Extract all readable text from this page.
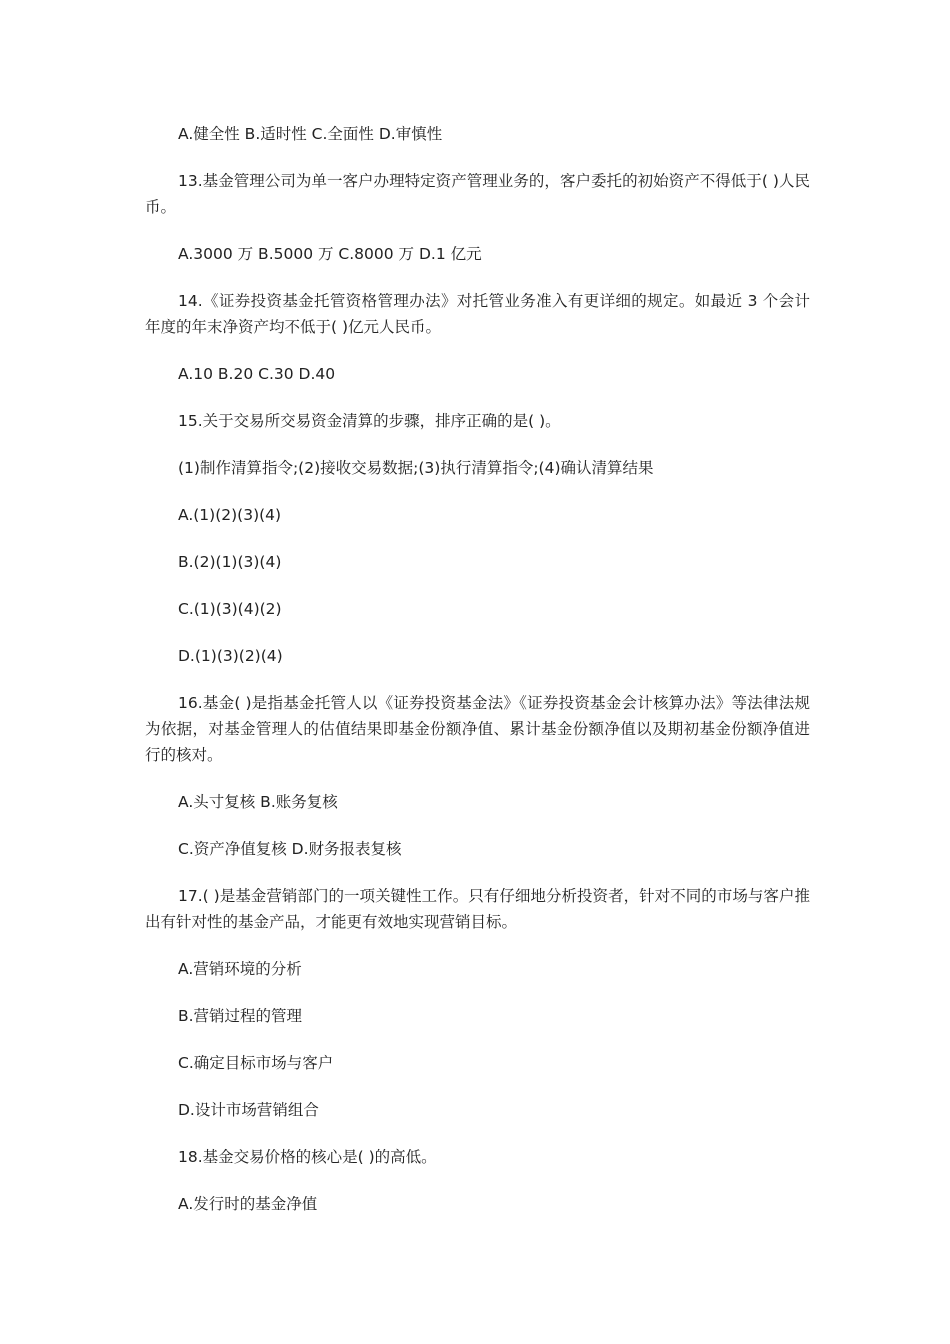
A.健全性 B.适时性 C.全面性 D.审慎性

13.基金管理公司为单一客户办理特定资产管理业务的，客户委托的初始资产不得低于( )人民币。

A.3000 万 B.5000 万 C.8000 万 D.1 亿元

14.《证券投资基金托管资格管理办法》对托管业务准入有更详细的规定。如最近 3 个会计年度的年末净资产均不低于( )亿元人民币。

A.10 B.20 C.30 D.40

15.关于交易所交易资金清算的步骤，排序正确的是( )。

(1)制作清算指令;(2)接收交易数据;(3)执行清算指令;(4)确认清算结果

A.(1)(2)(3)(4)

B.(2)(1)(3)(4)

C.(1)(3)(4)(2)

D.(1)(3)(2)(4)

16.基金( )是指基金托管人以《证券投资基金法》《证券投资基金会计核算办法》等法律法规为依据，对基金管理人的估值结果即基金份额净值、累计基金份额净值以及期初基金份额净值进行的核对。

A.头寸复核 B.账务复核

C.资产净值复核 D.财务报表复核

17.( )是基金营销部门的一项关键性工作。只有仔细地分析投资者，针对不同的市场与客户推出有针对性的基金产品，才能更有效地实现营销目标。

A.营销环境的分析

B.营销过程的管理

C.确定目标市场与客户

D.设计市场营销组合

18.基金交易价格的核心是( )的高低。

A.发行时的基金净值
